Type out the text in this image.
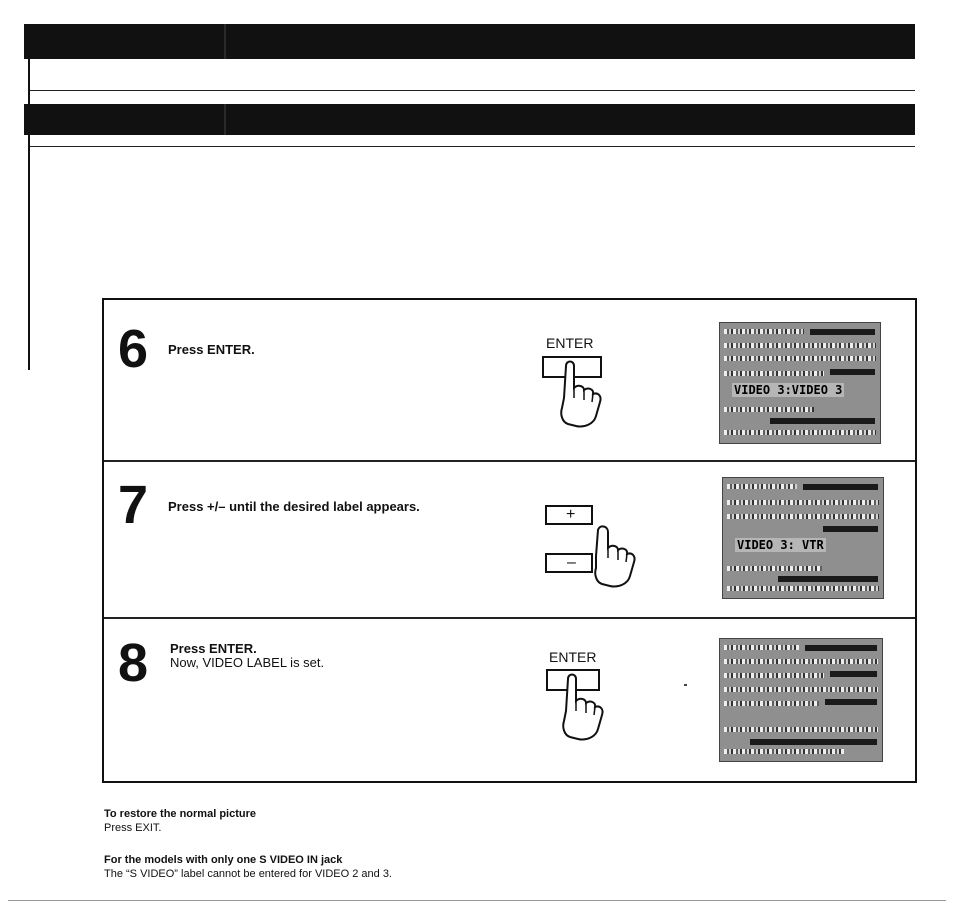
6 Press ENTER.	ENTER
VIDEO 3:VIDEO 3
7 Press +/– until the desired label appears.	+
–
VIDEO 3: VTR
8 Press ENTER.
Now, VIDEO LABEL is set.	ENTER
To restore the normal picture
Press EXIT.
For the models with only one S VIDEO IN jack
The “S VIDEO” label cannot be entered for VIDEO 2 and 3.
